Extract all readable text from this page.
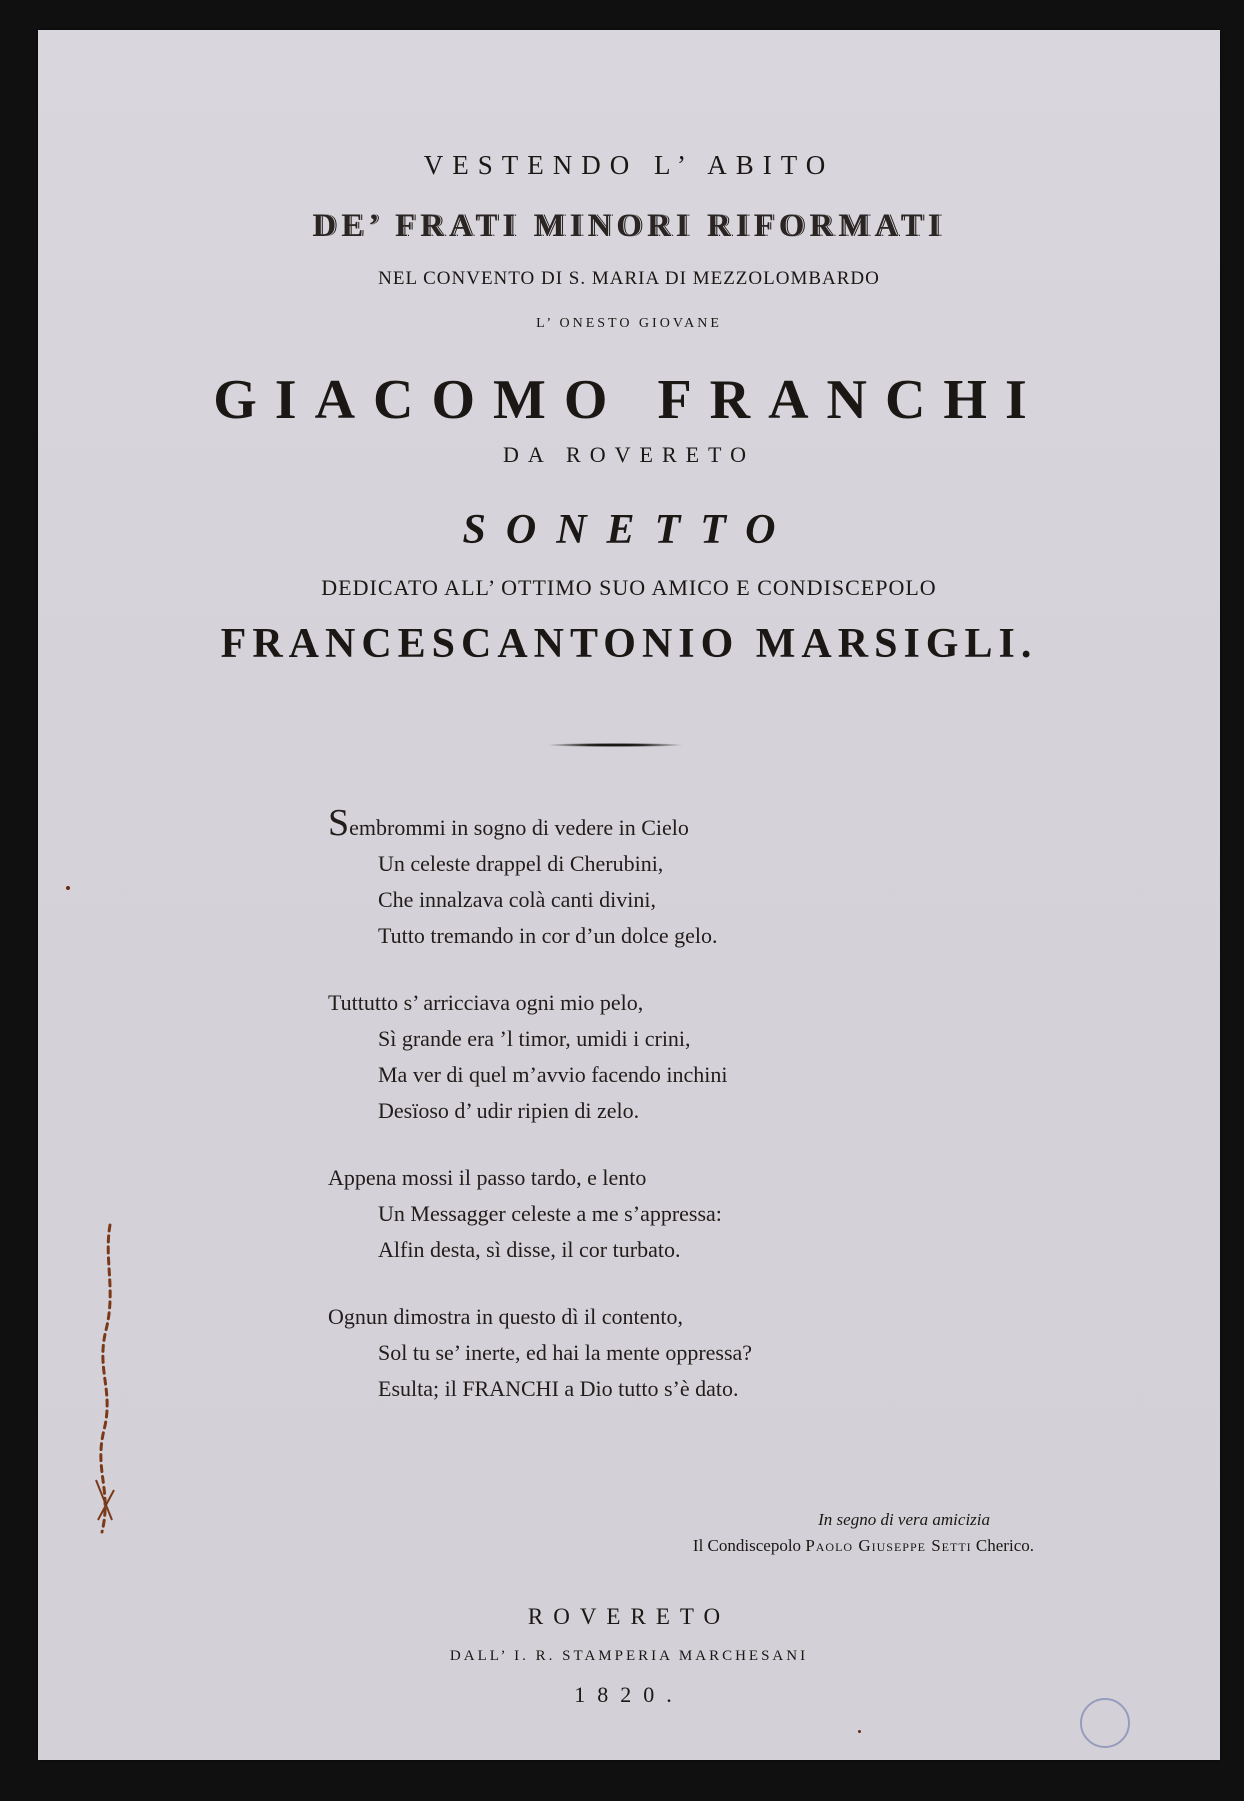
VESTENDO L’ ABITO
DE’ FRATI MINORI RIFORMATI
NEL CONVENTO DI S. MARIA DI MEZZOLOMBARDO
L’ ONESTO GIOVANE
GIACOMO FRANCHI
DA ROVERETO
SONETTO
DEDICATO ALL’ OTTIMO SUO AMICO E CONDISCEPOLO
FRANCESCANTONIO MARSIGLI.
Sembrommi in sogno di vedere in Cielo
Un celeste drappel di Cherubini,
Che innalzava colà canti divini,
Tutto tremando in cor d’un dolce gelo.
Tuttutto s’ arricciava ogni mio pelo,
Sì grande era ’l timor, umidi i crini,
Ma ver di quel m’avvio facendo inchini
Desïoso d’ udir ripien di zelo.
Appena mossi il passo tardo, e lento
Un Messagger celeste a me s’appressa:
Alfin desta, sì disse, il cor turbato.
Ognun dimostra in questo dì il contento,
Sol tu se’ inerte, ed hai la mente oppressa?
Esulta; il FRANCHI a Dio tutto s’è dato.
In segno di vera amicizia
Il Condiscepolo Paolo Giuseppe Setti Cherico.
ROVERETO
DALL’ I. R. STAMPERIA MARCHESANI
1820.
